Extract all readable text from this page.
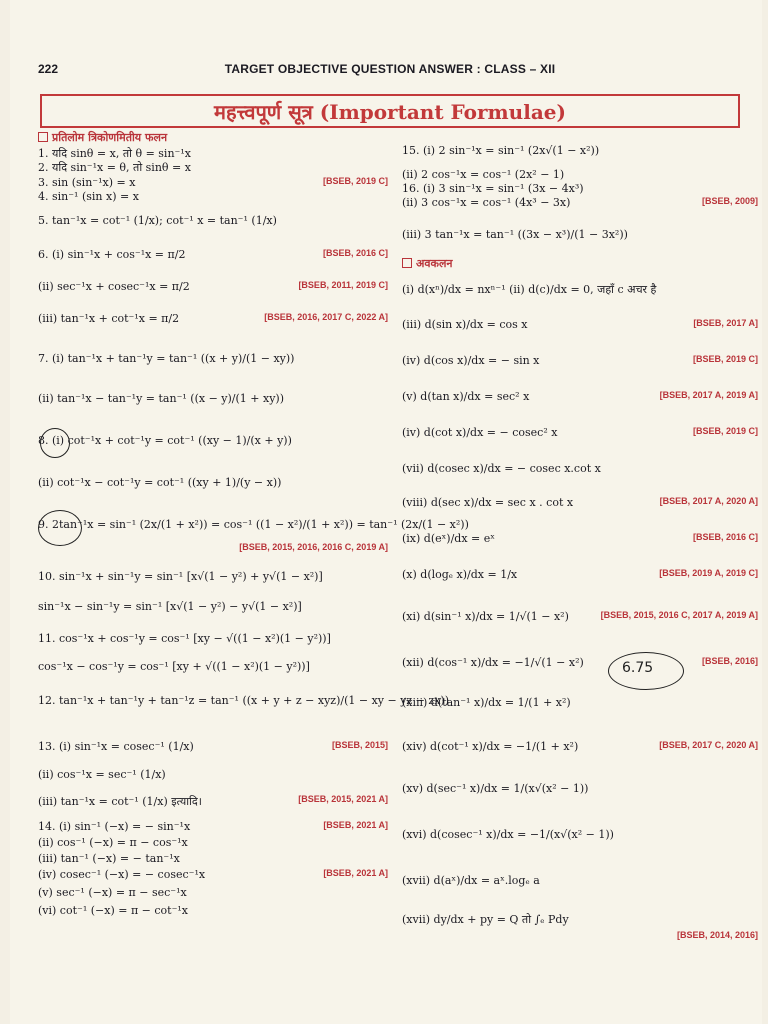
222	TARGET OBJECTIVE QUESTION ANSWER : CLASS – XII
महत्त्वपूर्ण सूत्र (Important Formulae)
प्रतिलोम त्रिकोणमितीय फलन
1. यदि sinθ = x, तो θ = sin⁻¹x
2. यदि sin⁻¹x = θ, तो sinθ = x
3. sin (sin⁻¹x) = x	[BSEB, 2019 C]
4. sin⁻¹ (sin x) = x
5. tan⁻¹x = cot⁻¹ (1/x); cot⁻¹ x = tan⁻¹ (1/x)
6. (i) sin⁻¹x + cos⁻¹x = π/2	[BSEB, 2016 C]
(ii) sec⁻¹x + cosec⁻¹x = π/2	[BSEB, 2011, 2019 C]
(iii) tan⁻¹x + cot⁻¹x = π/2	[BSEB, 2016, 2017 C, 2022 A]
7. (i) tan⁻¹x + tan⁻¹y = tan⁻¹ ((x + y)/(1 − xy))
(ii) tan⁻¹x − tan⁻¹y = tan⁻¹ ((x − y)/(1 + xy))
8. (i) cot⁻¹x + cot⁻¹y = cot⁻¹ ((xy − 1)/(x + y))
(ii) cot⁻¹x − cot⁻¹y = cot⁻¹ ((xy + 1)/(y − x))
9. 2tan⁻¹x = sin⁻¹ (2x/(1 + x²)) = cos⁻¹ ((1 − x²)/(1 + x²)) = tan⁻¹ (2x/(1 − x²))
[BSEB, 2015, 2016, 2016 C, 2019 A]
10. sin⁻¹x + sin⁻¹y = sin⁻¹ [x√(1 − y²) + y√(1 − x²)]
sin⁻¹x − sin⁻¹y = sin⁻¹ [x√(1 − y²) − y√(1 − x²)]
11. cos⁻¹x + cos⁻¹y = cos⁻¹ [xy − √((1 − x²)(1 − y²))]
cos⁻¹x − cos⁻¹y = cos⁻¹ [xy + √((1 − x²)(1 − y²))]
12. tan⁻¹x + tan⁻¹y + tan⁻¹z = tan⁻¹ ((x + y + z − xyz)/(1 − xy − yz − zx))
13. (i) sin⁻¹x = cosec⁻¹ (1/x)	[BSEB, 2015]
(ii) cos⁻¹x = sec⁻¹ (1/x)
(iii) tan⁻¹x = cot⁻¹ (1/x) इत्यादि।	[BSEB, 2015, 2021 A]
14. (i) sin⁻¹ (−x) = − sin⁻¹x	[BSEB, 2021 A]
(ii) cos⁻¹ (−x) = π − cos⁻¹x
(iii) tan⁻¹ (−x) = − tan⁻¹x
(iv) cosec⁻¹ (−x) = − cosec⁻¹x	[BSEB, 2021 A]
(v) sec⁻¹ (−x) = π − sec⁻¹x
(vi) cot⁻¹ (−x) = π − cot⁻¹x
15. (i) 2 sin⁻¹x = sin⁻¹ (2x√(1 − x²))
(ii) 2 cos⁻¹x = cos⁻¹ (2x² − 1)
16. (i) 3 sin⁻¹x = sin⁻¹ (3x − 4x³)
(ii) 3 cos⁻¹x = cos⁻¹ (4x³ − 3x)	[BSEB, 2009]
(iii) 3 tan⁻¹x = tan⁻¹ ((3x − x³)/(1 − 3x²))
अवकलन
(i) d(xⁿ)/dx = nxⁿ⁻¹ (ii) d(c)/dx = 0, जहाँ c अचर है
(iii) d(sin x)/dx = cos x	[BSEB, 2017 A]
(iv) d(cos x)/dx = − sin x	[BSEB, 2019 C]
(v) d(tan x)/dx = sec² x	[BSEB, 2017 A, 2019 A]
(iv) d(cot x)/dx = − cosec² x	[BSEB, 2019 C]
(vii) d(cosec x)/dx = − cosec x.cot x
(viii) d(sec x)/dx = sec x . cot x	[BSEB, 2017 A, 2020 A]
(ix) d(eˣ)/dx = eˣ	[BSEB, 2016 C]
(x) d(logₑ x)/dx = 1/x	[BSEB, 2019 A, 2019 C]
(xi) d(sin⁻¹ x)/dx = 1/√(1 − x²)	[BSEB, 2015, 2016 C, 2017 A, 2019 A]
(xii) d(cos⁻¹ x)/dx = −1/√(1 − x²)	[BSEB, 2016]
(xiii) d(tan⁻¹ x)/dx = 1/(1 + x²)
(xiv) d(cot⁻¹ x)/dx = −1/(1 + x²)	[BSEB, 2017 C, 2020 A]
(xv) d(sec⁻¹ x)/dx = 1/(x√(x² − 1))
(xvi) d(cosec⁻¹ x)/dx = −1/(x√(x² − 1))
(xvii) d(aˣ)/dx = aˣ.logₑ a
(xvii) dy/dx + py = Q तो ∫ₑ Pdy
[BSEB, 2014, 2016]
6.75
